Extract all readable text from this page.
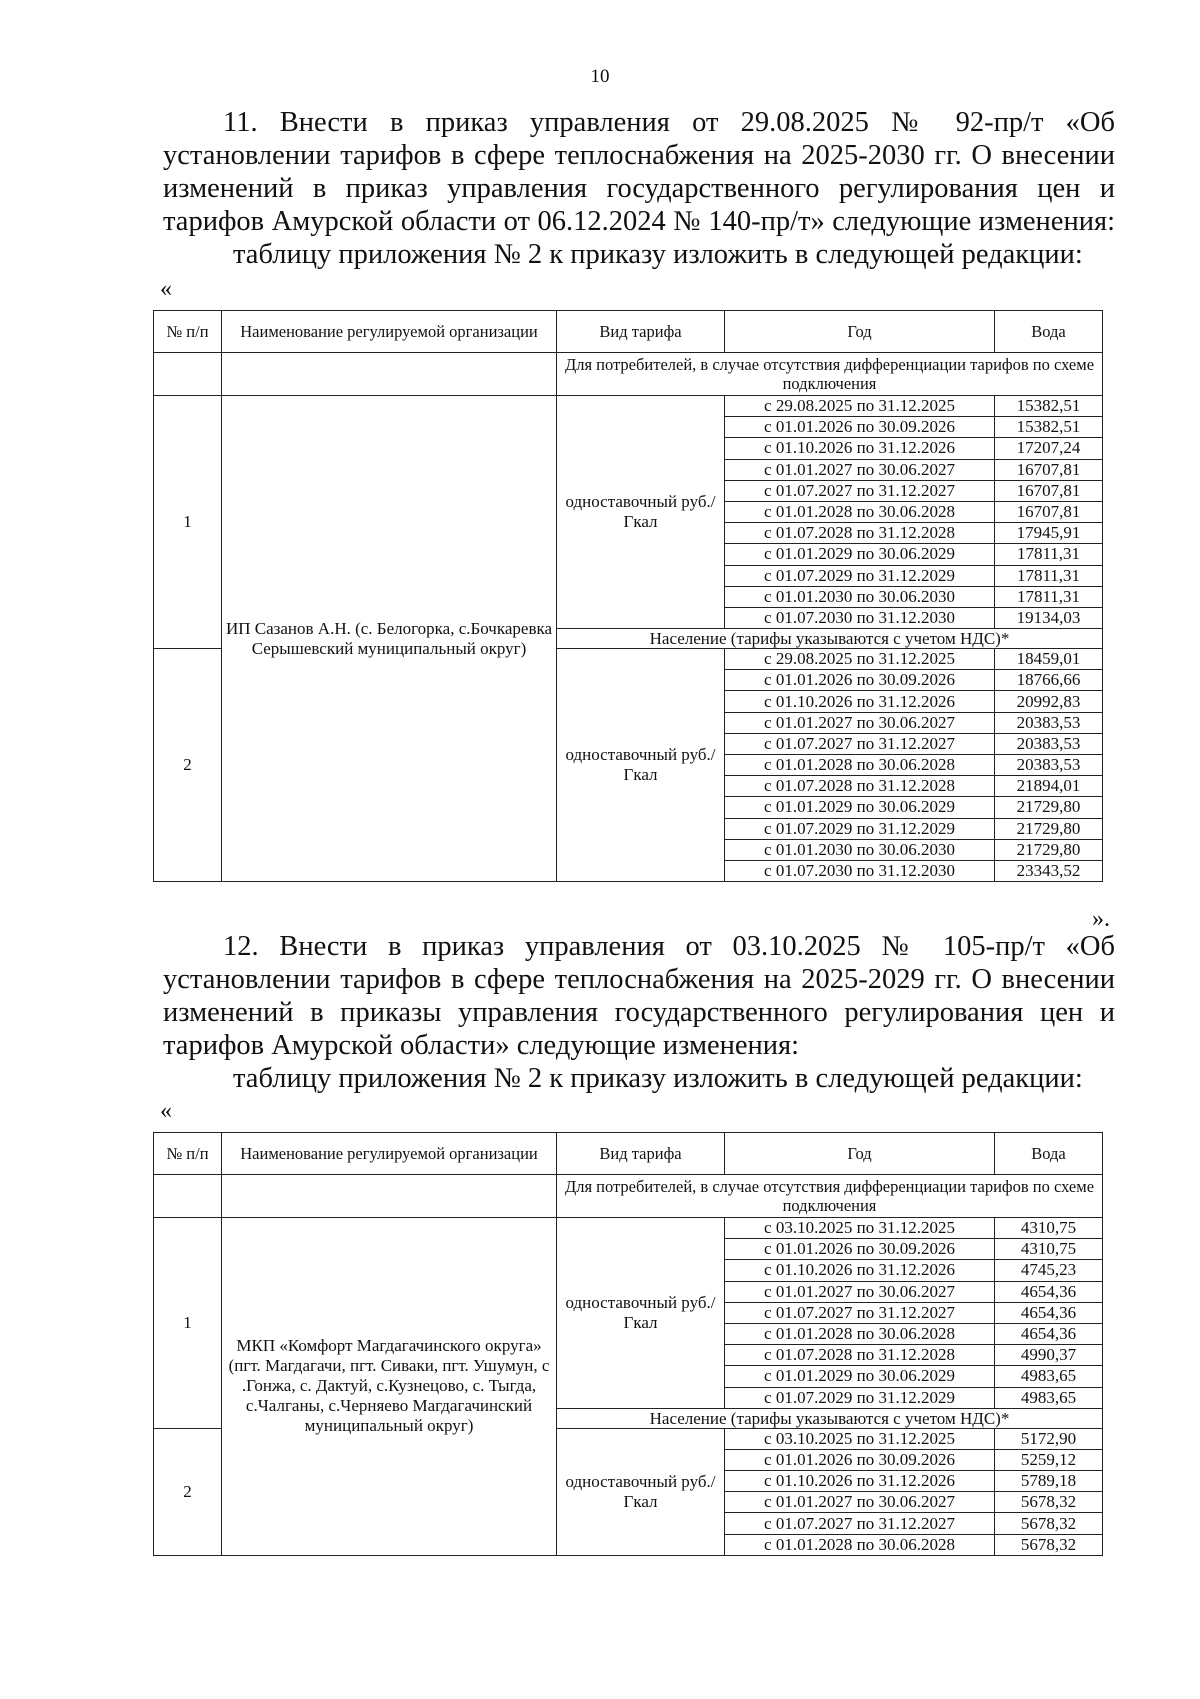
10
11. Внести в приказ управления от 29.08.2025 № 92-пр/т «Об
установлении тарифов в сфере теплоснабжения на 2025-2030 гг. О внесении
изменений в приказ управления государственного регулирования цен и
тарифов Амурской области от 06.12.2024 № 140-пр/т» следующие изменения:
таблицу приложения № 2 к приказу изложить в следующей редакции:
«
№ п/п	Наименование регулируемой организации	Вид тарифа	Год	Вода
		Для потребителей, в случае отсутствия дифференциации тарифов по схеме подключения		
1	ИП Сазанов А.Н. (с. Белогорка, с.Бочкаревка Серышевский муниципальный округ)	одноставочный руб./Гкал	с 29.08.2025 по 31.12.2025	15382,51
			с 01.01.2026 по 30.09.2026	15382,51
			с 01.10.2026 по 31.12.2026	17207,24
			с 01.01.2027 по 30.06.2027	16707,81
			с 01.07.2027 по 31.12.2027	16707,81
			с 01.01.2028 по 30.06.2028	16707,81
			с 01.07.2028 по 31.12.2028	17945,91
			с 01.01.2029 по 30.06.2029	17811,31
			с 01.07.2029 по 31.12.2029	17811,31
			с 01.01.2030 по 30.06.2030	17811,31
			с 01.07.2030 по 31.12.2030	19134,03
		Население (тарифы указываются с учетом НДС)*		
2		одноставочный руб./Гкал	с 29.08.2025 по 31.12.2025	18459,01
			с 01.01.2026 по 30.09.2026	18766,66
			с 01.10.2026 по 31.12.2026	20992,83
			с 01.01.2027 по 30.06.2027	20383,53
			с 01.07.2027 по 31.12.2027	20383,53
			с 01.01.2028 по 30.06.2028	20383,53
			с 01.07.2028 по 31.12.2028	21894,01
			с 01.01.2029 по 30.06.2029	21729,80
			с 01.07.2029 по 31.12.2029	21729,80
			с 01.01.2030 по 30.06.2030	21729,80
			с 01.07.2030 по 31.12.2030	23343,52
».
12. Внести в приказ управления от 03.10.2025 № 105-пр/т «Об
установлении тарифов в сфере теплоснабжения на 2025-2029 гг. О внесении
изменений в приказы управления государственного регулирования цен и
тарифов Амурской области» следующие изменения:
таблицу приложения № 2 к приказу изложить в следующей редакции:
«
№ п/п	Наименование регулируемой организации	Вид тарифа	Год	Вода
		Для потребителей, в случае отсутствия дифференциации тарифов по схеме подключения		
1	МКП «Комфорт Магдагачинского округа» (пгт. Магдагачи, пгт. Сиваки, пгт. Ушумун, с .Гонжа, с. Дактуй, с.Кузнецово, с. Тыгда, с.Чалганы, с.Черняево Магдагачинский муниципальный округ)	одноставочный руб./Гкал	с 03.10.2025 по 31.12.2025	4310,75
			с 01.01.2026 по 30.09.2026	4310,75
			с 01.10.2026 по 31.12.2026	4745,23
			с 01.01.2027 по 30.06.2027	4654,36
			с 01.07.2027 по 31.12.2027	4654,36
			с 01.01.2028 по 30.06.2028	4654,36
			с 01.07.2028 по 31.12.2028	4990,37
			с 01.01.2029 по 30.06.2029	4983,65
			с 01.07.2029 по 31.12.2029	4983,65
		Население (тарифы указываются с учетом НДС)*		
2		одноставочный руб./Гкал	с 03.10.2025 по 31.12.2025	5172,90
			с 01.01.2026 по 30.09.2026	5259,12
			с 01.10.2026 по 31.12.2026	5789,18
			с 01.01.2027 по 30.06.2027	5678,32
			с 01.07.2027 по 31.12.2027	5678,32
			с 01.01.2028 по 30.06.2028	5678,32
